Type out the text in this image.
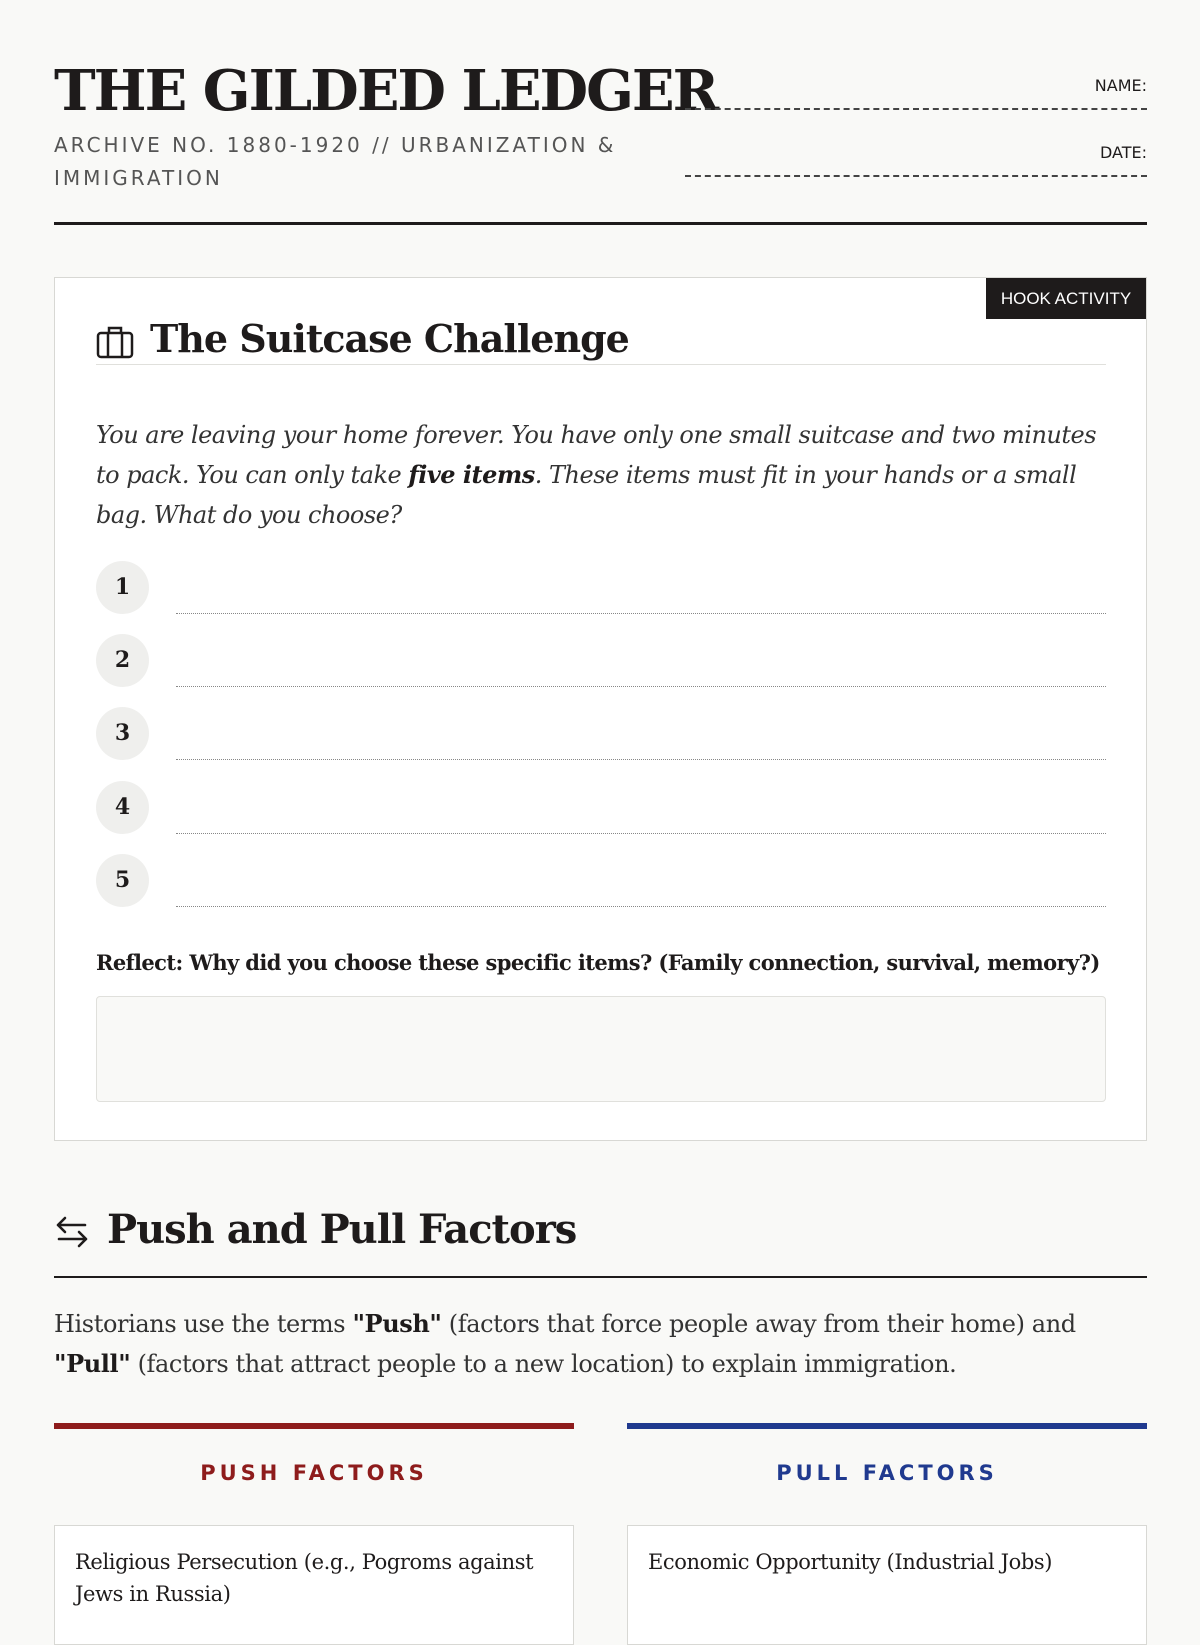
THE GILDED LEDGER
ARCHIVE NO. 1880-1920 // URBANIZATION & IMMIGRATION
NAME:
DATE:
HOOK ACTIVITY
The Suitcase Challenge

You are leaving your home forever. You have only one small suitcase and two minutes to pack. You can only take five items. These items must fit in your hands or a small bag. What do you choose?

1
2
3
4
5
Reflect: Why did you choose these specific items? (Family connection, survival, memory?)
Push and Pull Factors

Historians use the terms "Push" (factors that force people away from their home) and "Pull" (factors that attract people to a new location) to explain immigration.

PUSH FACTORS
Religious Persecution (e.g., Pogroms against Jews in Russia)
PULL FACTORS
Economic Opportunity (Industrial Jobs)
